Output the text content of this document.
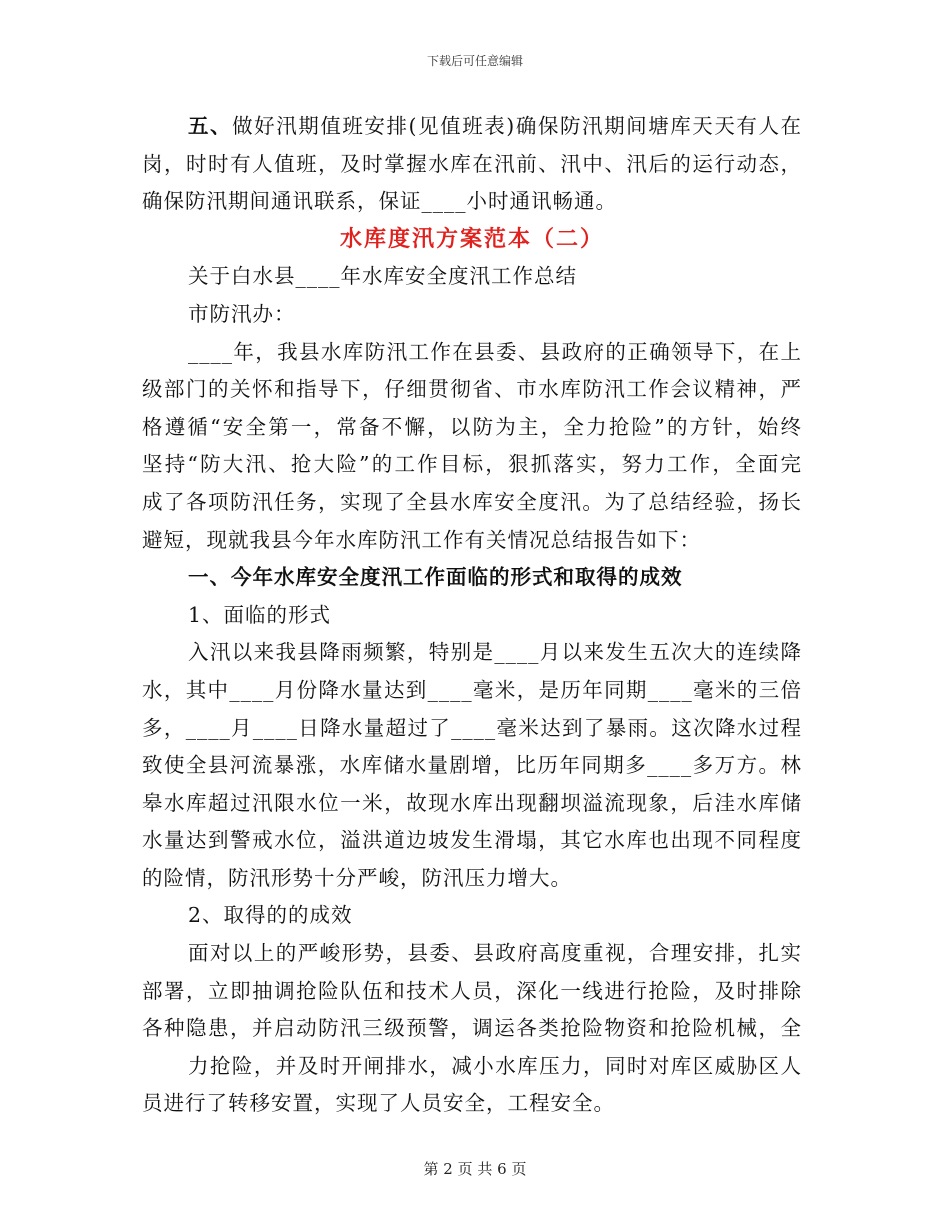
下载后可任意编辑
五、做好汛期值班安排(见值班表)确保防汛期间塘库天天有人在
岗，时时有人值班，及时掌握水库在汛前、汛中、汛后的运行动态，
确保防汛期间通讯联系，保证____小时通讯畅通。
水库度汛方案范本（二）
关于白水县____年水库安全度汛工作总结
市防汛办：
____年，我县水库防汛工作在县委、县政府的正确领导下，在上
级部门的关怀和指导下，仔细贯彻省、市水库防汛工作会议精神，严
格遵循“安全第一，常备不懈，以防为主，全力抢险”的方针，始终
坚持“防大汛、抢大险”的工作目标，狠抓落实，努力工作，全面完
成了各项防汛任务，实现了全县水库安全度汛。为了总结经验，扬长
避短，现就我县今年水库防汛工作有关情况总结报告如下：
一、今年水库安全度汛工作面临的形式和取得的成效
1、面临的形式
入汛以来我县降雨频繁，特别是____月以来发生五次大的连续降
水，其中____月份降水量达到____毫米，是历年同期____毫米的三倍
多，____月____日降水量超过了____毫米达到了暴雨。这次降水过程
致使全县河流暴涨，水库储水量剧增，比历年同期多____多万方。林
皋水库超过汛限水位一米，故现水库出现翻坝溢流现象，后洼水库储
水量达到警戒水位，溢洪道边坡发生滑塌，其它水库也出现不同程度
的险情，防汛形势十分严峻，防汛压力增大。
2、取得的的成效
面对以上的严峻形势，县委、县政府高度重视，合理安排，扎实
部署，立即抽调抢险队伍和技术人员，深化一线进行抢险，及时排除
各种隐患，并启动防汛三级预警，调运各类抢险物资和抢险机械，全
力抢险，并及时开闸排水，减小水库压力，同时对库区威胁区人
员进行了转移安置，实现了人员安全，工程安全。
第 2 页 共 6 页
